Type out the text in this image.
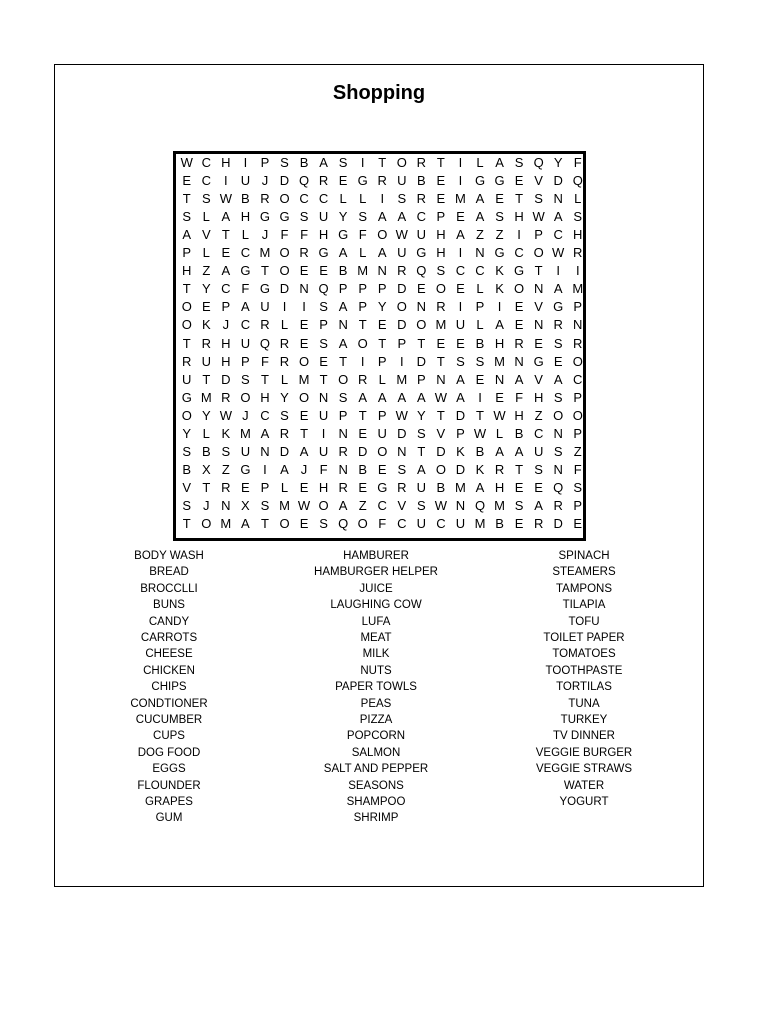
Shopping
W C H	I	P S B A S	I	T O R T	I	L A S Q Y F
E C	I	U J D Q R E G R U B E	I G G E V D Q
T S W B R O C C L L	I	S R E M A E T S N L
S L A H G G S U Y S A A C P E A S H W A S
A V T L J F F H G F O W U H A Z Z	I	P C H
P L E C M O R G A L A U G H	I	N G C O W R
H Z A G T O E E B M N R Q S C C K G T	I	I
T Y C F G D N Q P P P D E O E L K O N A M
O E P A U	I	I	S A P Y O N R	I	P	I	E V G P
O K J C R L E P N T E D O M U L A E N R N
T R H U Q R E S A O T P T E E B H R E S R
R U H P F R O E T	I	P	I	D T S S M N G E O
U T D S T L M T O R L M P N A E N A V A C
G M R O H Y O N S A A A A W A	I	E F H S P
O Y W J C S E U P T P W Y T D T W H Z O O
Y L K M A R T	I	N E U D S V P W L B C N P
S B S U N D A U R D O N T D K B A A U S Z
B X Z G I	A J F N B E S A O D K R T S N F
V T R E P L E H R E G R U B M A H E E Q S
S J N X S M W O A Z C V S W N Q M S A R P
T O M A T O E S Q O F C U C U M B E R D E
BODY WASH
BREAD
BROCCLLI
BUNS
CANDY
CARROTS
CHEESE
CHICKEN
CHIPS
CONDTIONER
CUCUMBER
CUPS
DOG FOOD
EGGS
FLOUNDER
GRAPES
GUM
HAMBURER
HAMBURGER HELPER
JUICE
LAUGHING COW
LUFA
MEAT
MILK
NUTS
PAPER TOWLS
PEAS
PIZZA
POPCORN
SALMON
SALT AND PEPPER
SEASONS
SHAMPOO
SHRIMP
SPINACH
STEAMERS
TAMPONS
TILAPIA
TOFU
TOILET PAPER
TOMATOES
TOOTHPASTE
TORTILAS
TUNA
TURKEY
TV DINNER
VEGGIE BURGER
VEGGIE STRAWS
WATER
YOGURT
